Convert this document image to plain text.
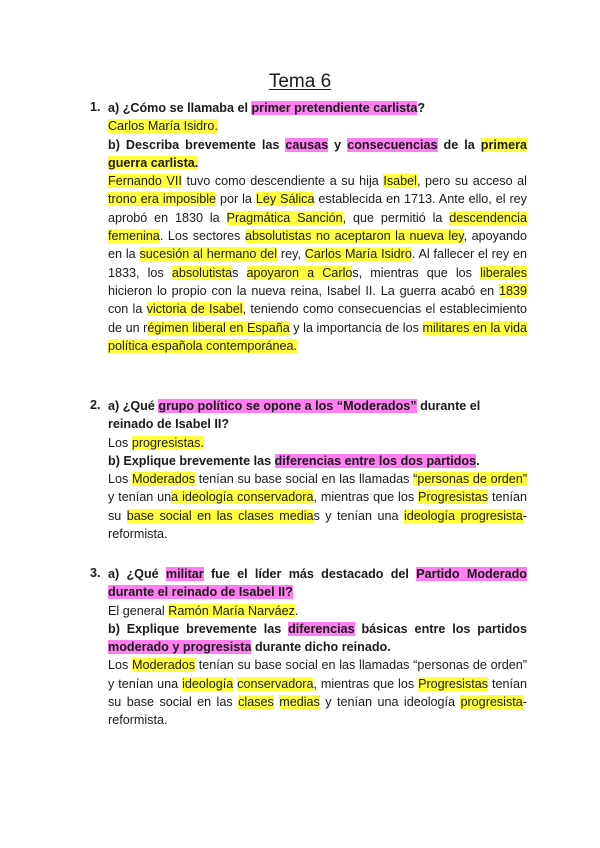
Tema 6
1. a) ¿Cómo se llamaba el primer pretendiente carlista?
Carlos María Isidro.
b) Describa brevemente las causas y consecuencias de la primera guerra carlista.
Fernando VII tuvo como descendiente a su hija Isabel, pero su acceso al trono era imposible por la Ley Sálica establecida en 1713. Ante ello, el rey aprobó en 1830 la Pragmática Sanción, que permitió la descendencia femenina. Los sectores absolutistas no aceptaron la nueva ley, apoyando en la sucesión al hermano del rey, Carlos María Isidro. Al fallecer el rey en 1833, los absolutistas apoyaron a Carlos, mientras que los liberales hicieron lo propio con la nueva reina, Isabel II. La guerra acabó en 1839 con la victoria de Isabel, teniendo como consecuencias el establecimiento de un régimen liberal en España y la importancia de los militares en la vida política española contemporánea.
2. a) ¿Qué grupo político se opone a los “Moderados” durante el reinado de Isabel II?
Los progresistas.
b) Explique brevemente las diferencias entre los dos partidos.
Los Moderados tenían su base social en las llamadas “personas de orden” y tenían una ideología conservadora, mientras que los Progresistas tenían su base social en las clases medias y tenían una ideología progresista-reformista.
3. a) ¿Qué militar fue el líder más destacado del Partido Moderado durante el reinado de Isabel II?
El general Ramón María Narváez.
b) Explique brevemente las diferencias básicas entre los partidos moderado y progresista durante dicho reinado.
Los Moderados tenían su base social en las llamadas “personas de orden” y tenían una ideología conservadora, mientras que los Progresistas tenían su base social en las clases medias y tenían una ideología progresista-reformista.
